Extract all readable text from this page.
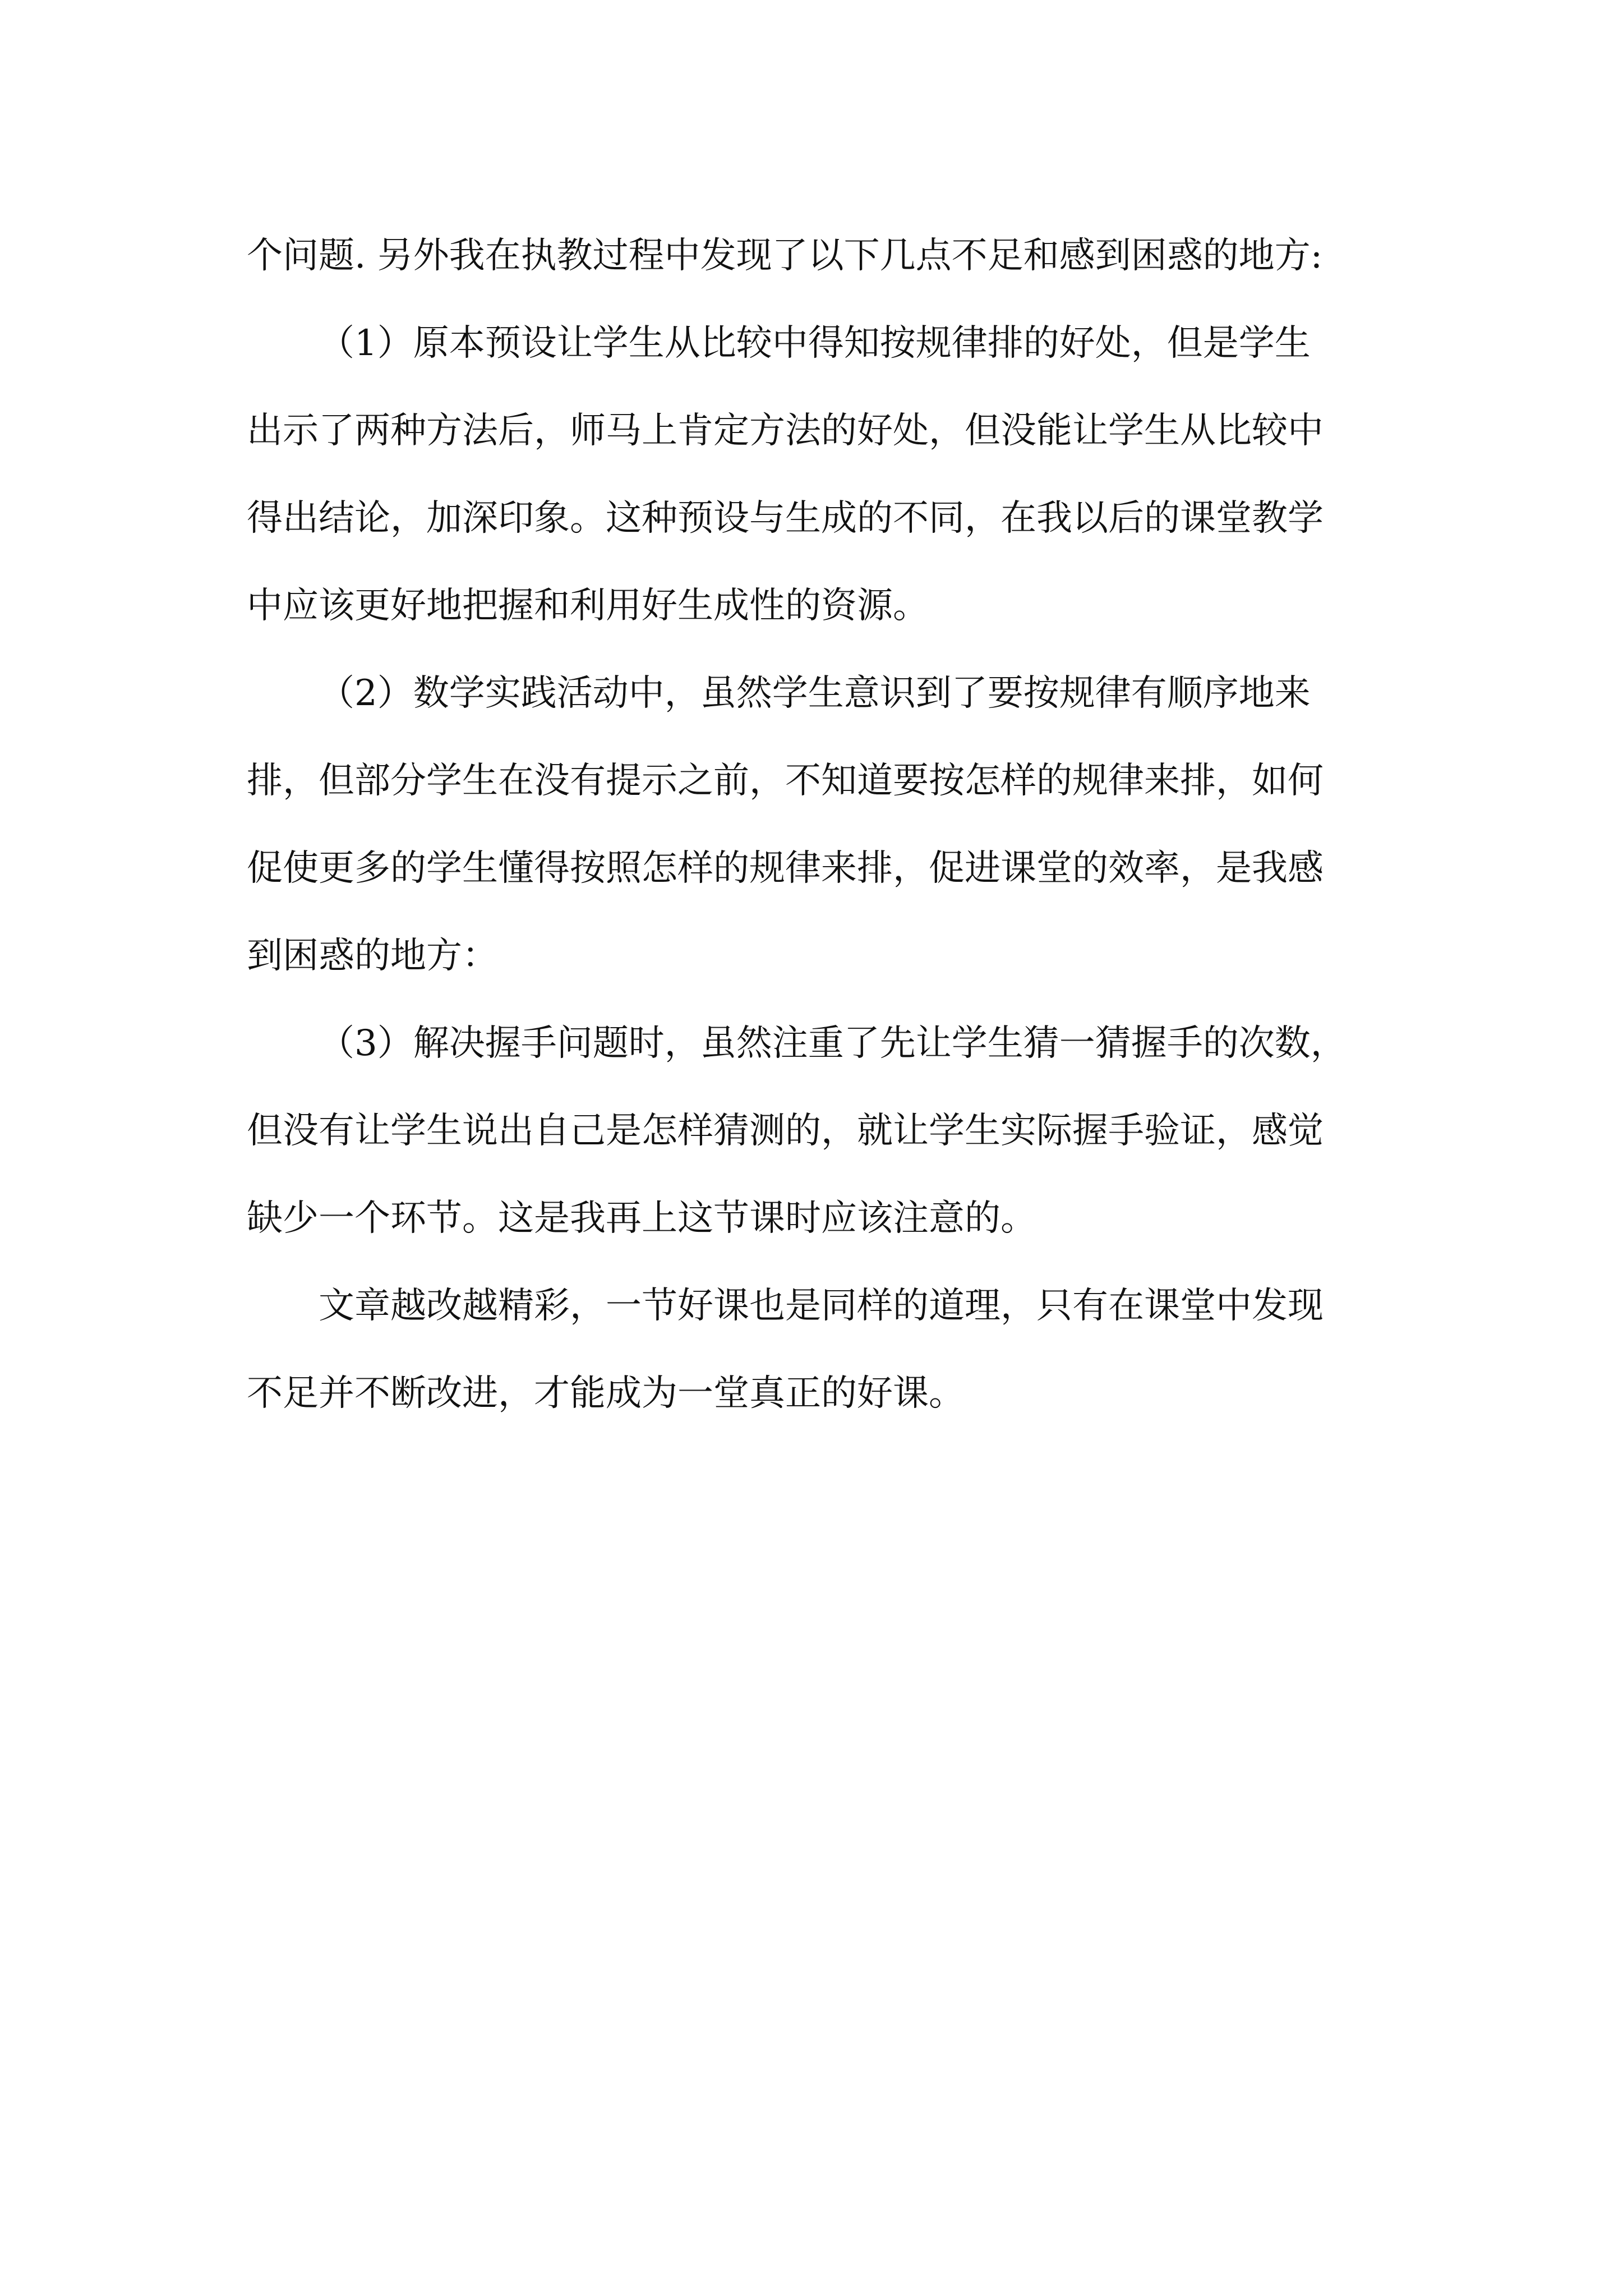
个问题. 另外我在执教过程中发现了以下几点不足和感到困惑的地方:
（1）原本预设让学生从比较中得知按规律排的好处，但是学生
出示了两种方法后，师马上肯定方法的好处，但没能让学生从比较中
得出结论，加深印象。这种预设与生成的不同，在我以后的课堂教学
中应该更好地把握和利用好生成性的资源。
（2）数学实践活动中，虽然学生意识到了要按规律有顺序地来
排，但部分学生在没有提示之前，不知道要按怎样的规律来排，如何
促使更多的学生懂得按照怎样的规律来排，促进课堂的效率，是我感
到困惑的地方：
（3）解决握手问题时，虽然注重了先让学生猜一猜握手的次数，
但没有让学生说出自己是怎样猜测的，就让学生实际握手验证，感觉
缺少一个环节。这是我再上这节课时应该注意的。
文章越改越精彩，一节好课也是同样的道理，只有在课堂中发现
不足并不断改进，才能成为一堂真正的好课。
